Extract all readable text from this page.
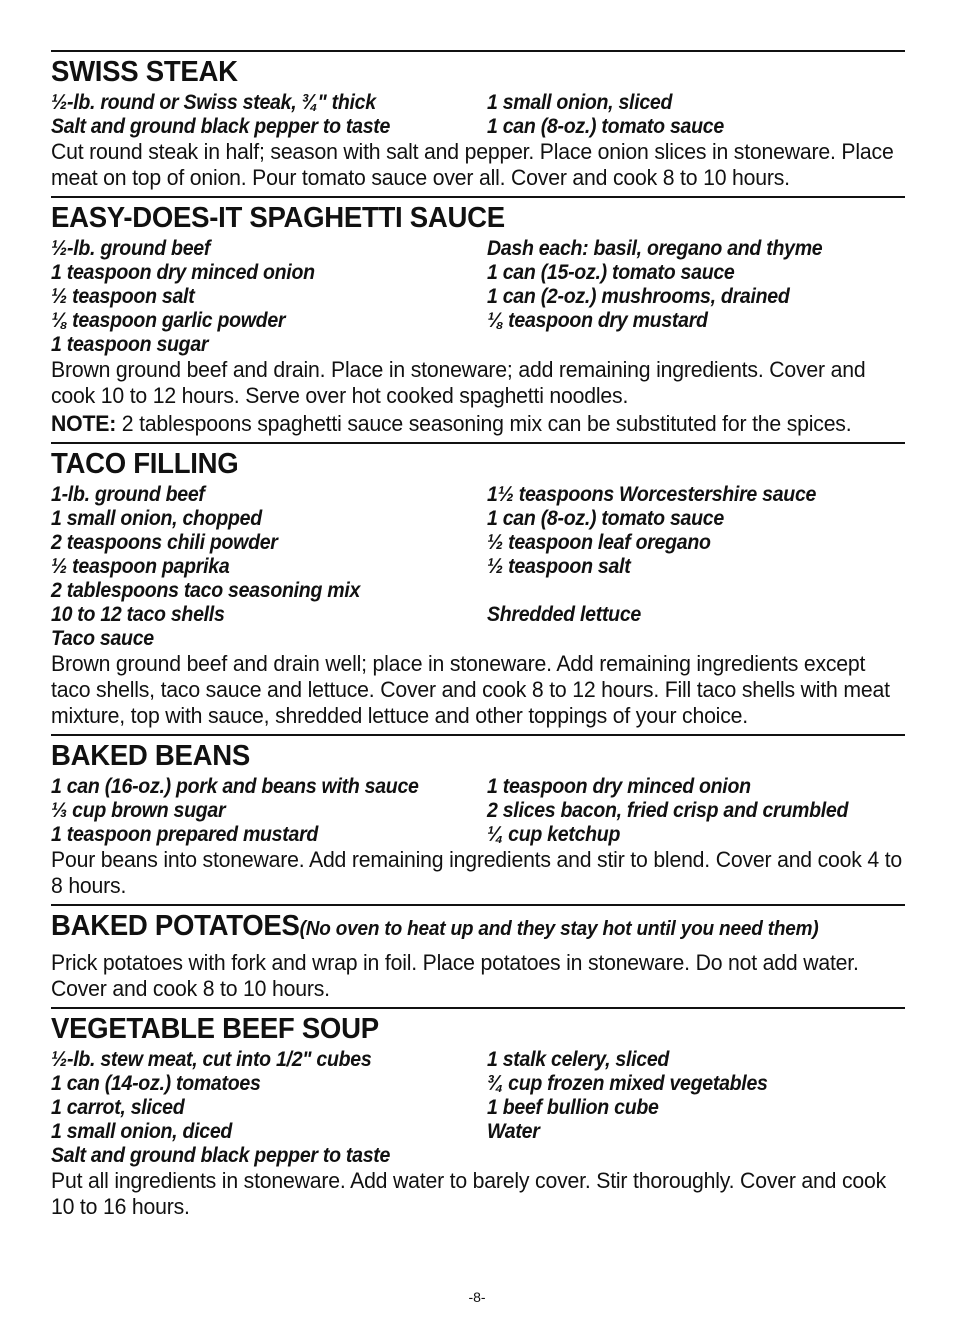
SWISS STEAK
½-lb. round or Swiss steak, ¾" thick	1 small onion, sliced
Salt and ground black pepper to taste	1 can (8-oz.) tomato sauce
Cut round steak in half; season with salt and pepper. Place onion slices in stoneware. Place meat on top of onion. Pour tomato sauce over all. Cover and cook 8 to 10 hours.
EASY-DOES-IT SPAGHETTI SAUCE
½-lb. ground beef	Dash each: basil, oregano and thyme
1 teaspoon dry minced onion	1 can (15-oz.) tomato sauce
½ teaspoon salt	1 can (2-oz.) mushrooms, drained
⅛ teaspoon garlic powder	⅛ teaspoon dry mustard
1 teaspoon sugar
Brown ground beef and drain. Place in stoneware; add remaining ingredients. Cover and cook 10 to 12 hours. Serve over hot cooked spaghetti noodles.
NOTE: 2 tablespoons spaghetti sauce seasoning mix can be substituted for the spices.
TACO FILLING
1-lb. ground beef	1½ teaspoons Worcestershire sauce
1 small onion, chopped	1 can (8-oz.) tomato sauce
2 teaspoons chili powder	½ teaspoon leaf oregano
½ teaspoon paprika	½ teaspoon salt
2 tablespoons taco seasoning mix
10 to 12 taco shells	Shredded lettuce
Taco sauce
Brown ground beef and drain well; place in stoneware. Add remaining ingredients except taco shells, taco sauce and lettuce. Cover and cook 8 to 12 hours. Fill taco shells with meat mixture, top with sauce, shredded lettuce and other toppings of your choice.
BAKED BEANS
1 can (16-oz.) pork and beans with sauce	1 teaspoon dry minced onion
⅓ cup brown sugar	2 slices bacon, fried crisp and crumbled
1 teaspoon prepared mustard	¼ cup ketchup
Pour beans into stoneware. Add remaining ingredients and stir to blend. Cover and cook 4 to 8 hours.
BAKED POTATOES(No oven to heat up and they stay hot until you need them)
Prick potatoes with fork and wrap in foil. Place potatoes in stoneware. Do not add water. Cover and cook 8 to 10 hours.
VEGETABLE BEEF SOUP
½-lb. stew meat, cut into 1/2" cubes	1 stalk celery, sliced
1 can (14-oz.) tomatoes	¾ cup frozen mixed vegetables
1 carrot, sliced	1 beef bullion cube
1 small onion, diced	Water
Salt and ground black pepper to taste
Put all ingredients in stoneware. Add water to barely cover. Stir thoroughly. Cover and cook 10 to 16 hours.
-8-
